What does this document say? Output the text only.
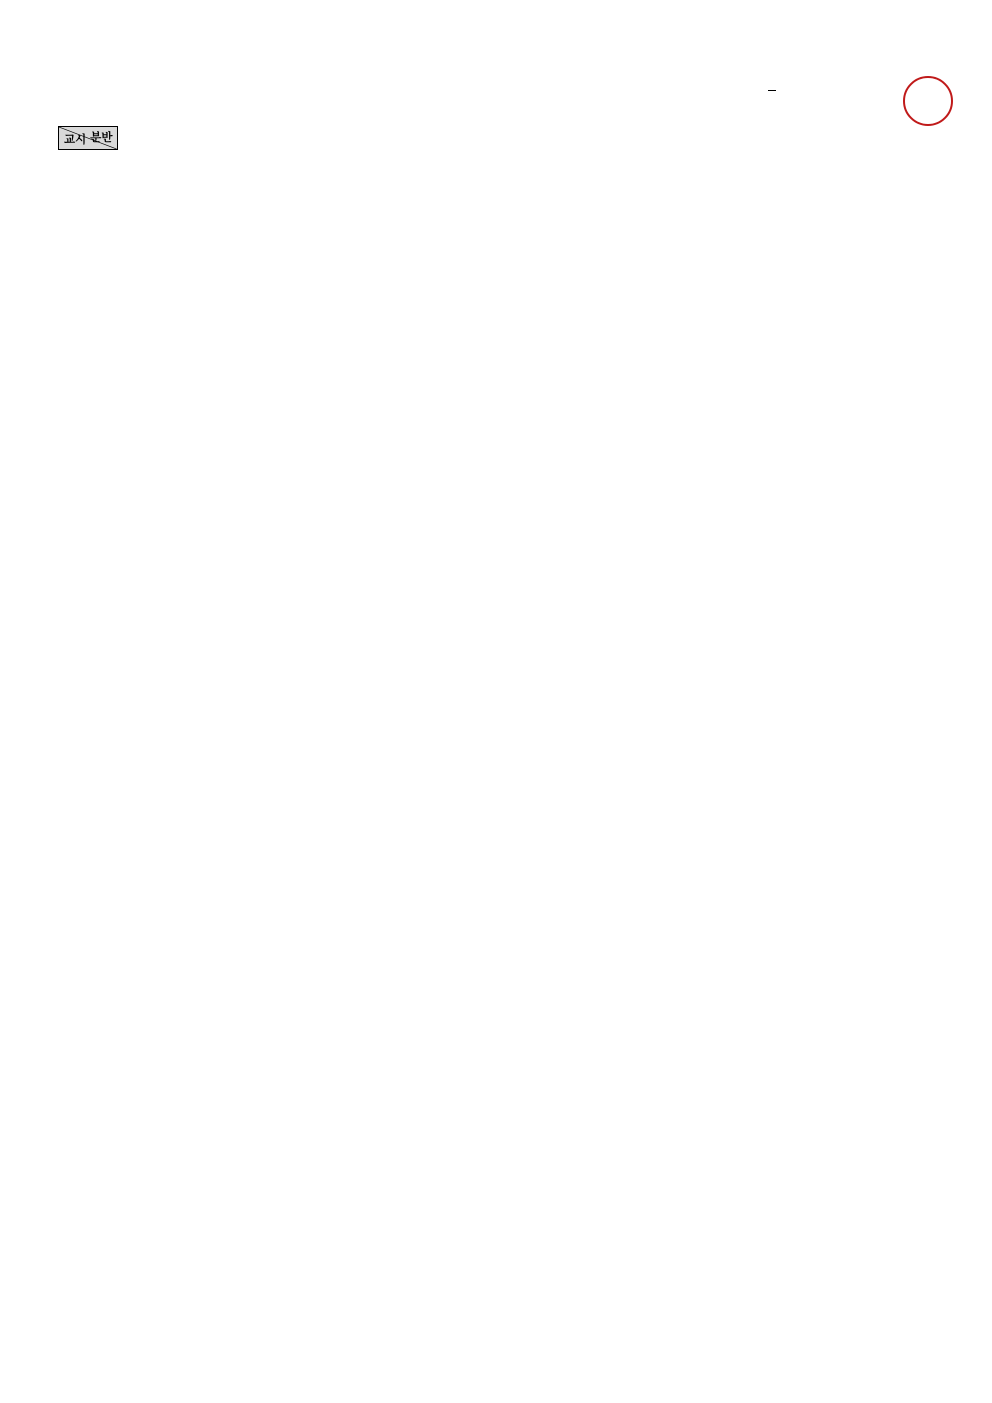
분반
교시
